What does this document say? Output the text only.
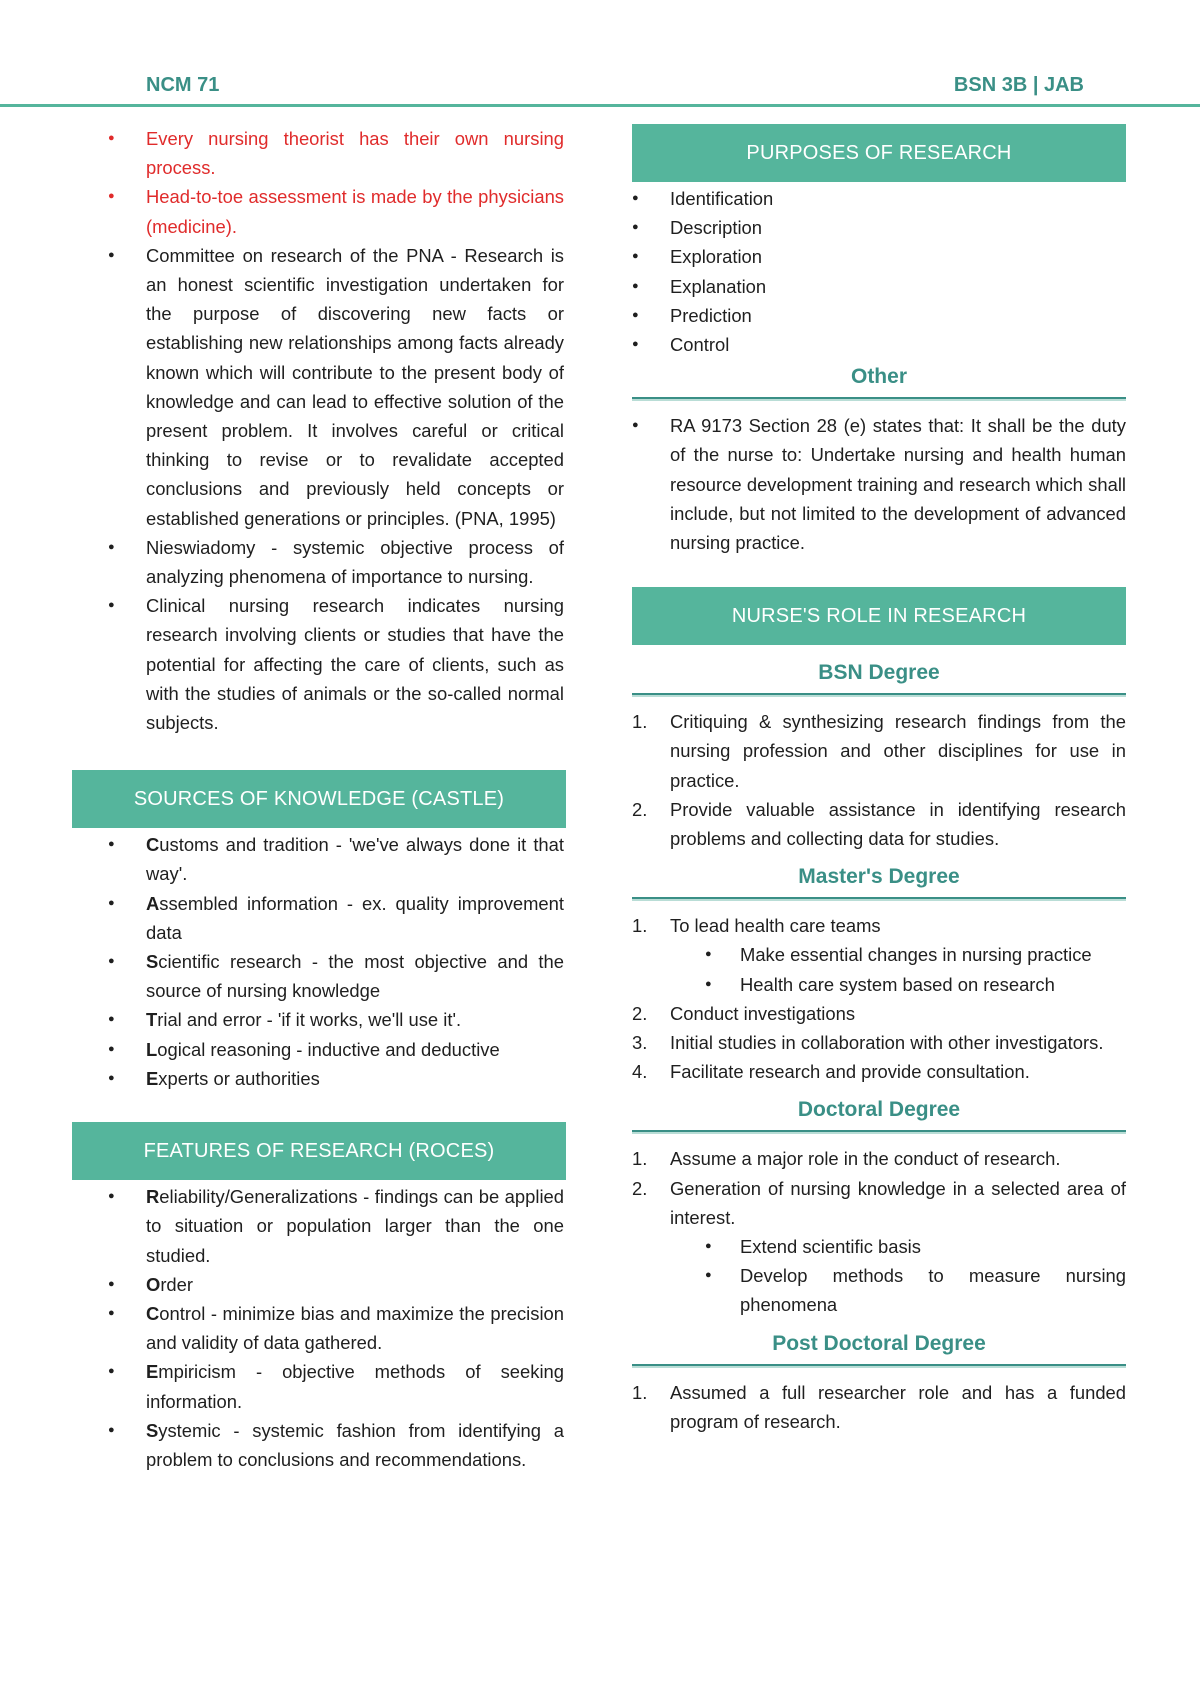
NCM 71	BSN 3B | JAB
● Every nursing theorist has their own nursing process.
● Head-to-toe assessment is made by the physicians (medicine).
● Committee on research of the PNA - Research is an honest scientific investigation undertaken for the purpose of discovering new facts or establishing new relationships among facts already known which will contribute to the present body of knowledge and can lead to effective solution of the present problem. It involves careful or critical thinking to revise or to revalidate accepted conclusions and previously held concepts or established generations or principles. (PNA, 1995)
● Nieswiadomy - systemic objective process of analyzing phenomena of importance to nursing.
● Clinical nursing research indicates nursing research involving clients or studies that have the potential for affecting the care of clients, such as with the studies of animals or the so-called normal subjects.
SOURCES OF KNOWLEDGE (CASTLE)
● Customs and tradition - 'we've always done it that way'.
● Assembled information - ex. quality improvement data
● Scientific research - the most objective and the source of nursing knowledge
● Trial and error - 'if it works, we'll use it'.
● Logical reasoning - inductive and deductive
● Experts or authorities
FEATURES OF RESEARCH (ROCES)
● Reliability/Generalizations - findings can be applied to situation or population larger than the one studied.
● Order
● Control - minimize bias and maximize the precision and validity of data gathered.
● Empiricism - objective methods of seeking information.
● Systemic - systemic fashion from identifying a problem to conclusions and recommendations.
PURPOSES OF RESEARCH
● Identification
● Description
● Exploration
● Explanation
● Prediction
● Control
Other
● RA 9173 Section 28 (e) states that: It shall be the duty of the nurse to: Undertake nursing and health human resource development training and research which shall include, but not limited to the development of advanced nursing practice.
NURSE'S ROLE IN RESEARCH
BSN Degree
1. Critiquing & synthesizing research findings from the nursing profession and other disciplines for use in practice.
2. Provide valuable assistance in identifying research problems and collecting data for studies.
Master's Degree
1. To lead health care teams
● Make essential changes in nursing practice
● Health care system based on research
2. Conduct investigations
3. Initial studies in collaboration with other investigators.
4. Facilitate research and provide consultation.
Doctoral Degree
1. Assume a major role in the conduct of research.
2. Generation of nursing knowledge in a selected area of interest.
● Extend scientific basis
● Develop methods to measure nursing phenomena
Post Doctoral Degree
1. Assumed a full researcher role and has a funded program of research.
